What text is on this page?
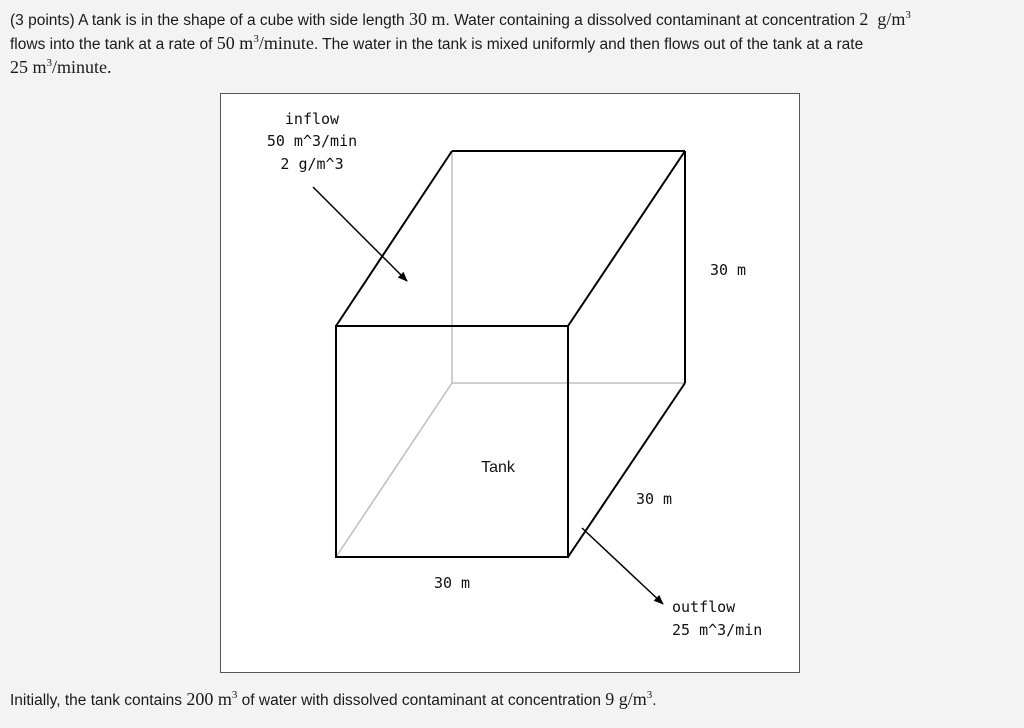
(3 points) A tank is in the shape of a cube with side length 30 m. Water containing a dissolved contaminant at concentration 2 $g/m^3$
flows into the tank at a rate of 50 $m^3$/minute. The water in the tank is mixed uniformly and then flows out of the tank at a rate
25 $m^3$/minute.
inflow
50 m^3/min
2 g/m^3
30 m
Tank
30 m
30 m
outflow
25 m^3/min
Initially, the tank contains 200 $m^3$ of water with dissolved contaminant at concentration 9 $g/m^3$.
